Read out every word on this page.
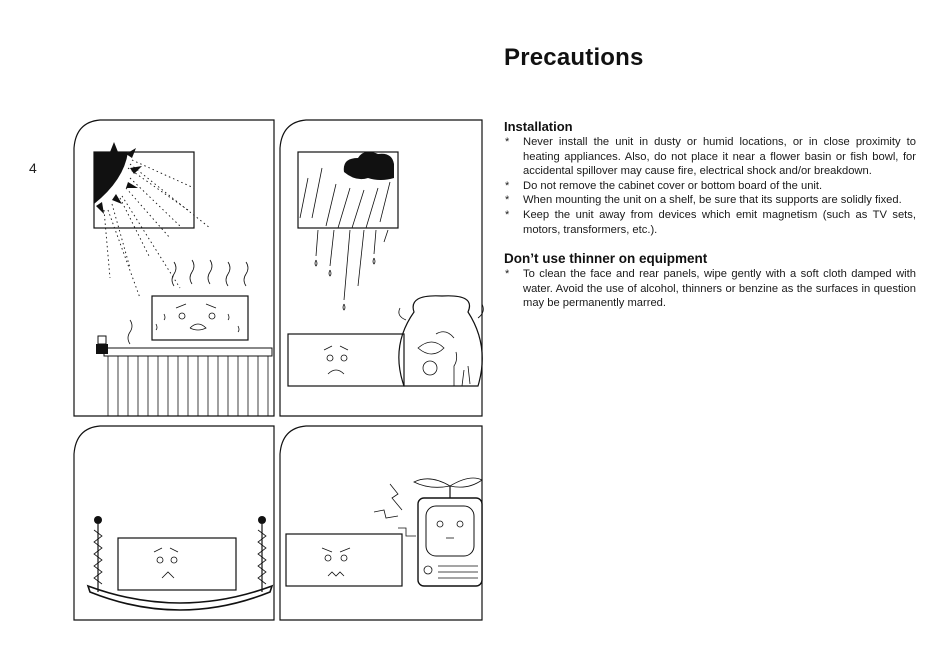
4
Precautions
Installation
* Never install the unit in dusty or humid locations, or in close proximity to heating appliances. Also, do not place it near a flower basin or fish bowl, for accidental spillover may cause fire, electrical shock and/or breakdown.
* Do not remove the cabinet cover or bottom board of the unit.
* When mounting the unit on a shelf, be sure that its supports are solidly fixed.
* Keep the unit away from devices which emit magnetism (such as TV sets, motors, transformers, etc.).
Don’t use thinner on equipment
* To clean the face and rear panels, wipe gently with a soft cloth damped with water. Avoid the use of alcohol, thinners or benzine as the surfaces in question may be permanently marred.
